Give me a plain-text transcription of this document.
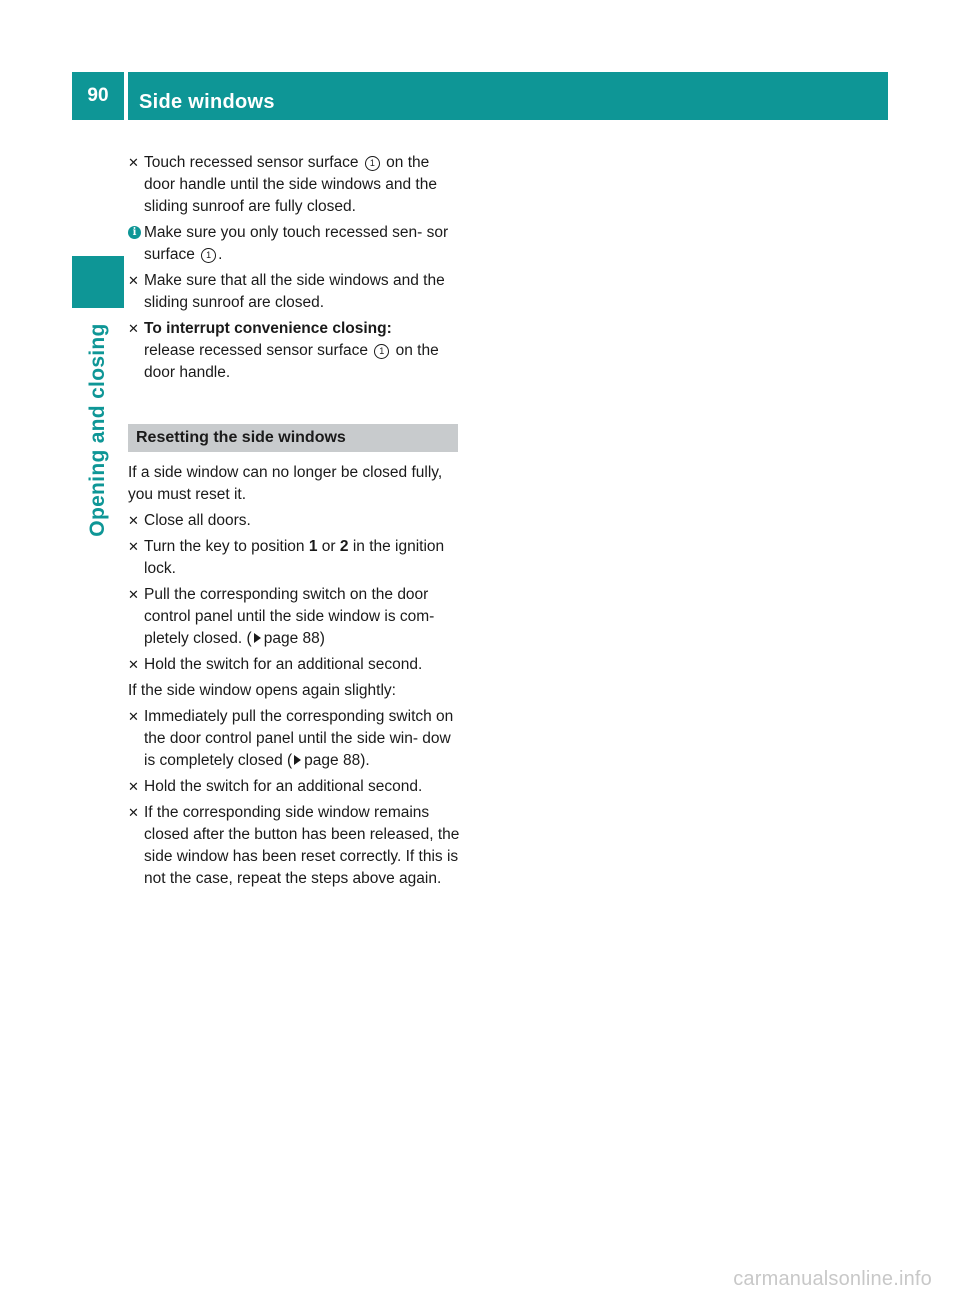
90 Side windows
Opening and closing
✕ Touch recessed sensor surface 1 on the door handle until the side windows and the sliding sunroof are fully closed.
i Make sure you only touch recessed sen- sor surface 1 .
✕ Make sure that all the side windows and the sliding sunroof are closed.
✕ To interrupt convenience closing:
release recessed sensor surface 1 on the door handle.
Resetting the side windows
If a side window can no longer be closed fully, you must reset it.
✕ Close all doors.
✕ Turn the key to position 1 or 2 in the ignition lock.
✕ Pull the corresponding switch on the door control panel until the side window is com- pletely closed. ( page 88)
✕ Hold the switch for an additional second.
If the side window opens again slightly:
✕ Immediately pull the corresponding switch on the door control panel until the side win- dow is completely closed ( page 88).
✕ Hold the switch for an additional second.
✕ If the corresponding side window remains closed after the button has been released, the side window has been reset correctly. If this is not the case, repeat the steps above again.
carmanualsonline.info
